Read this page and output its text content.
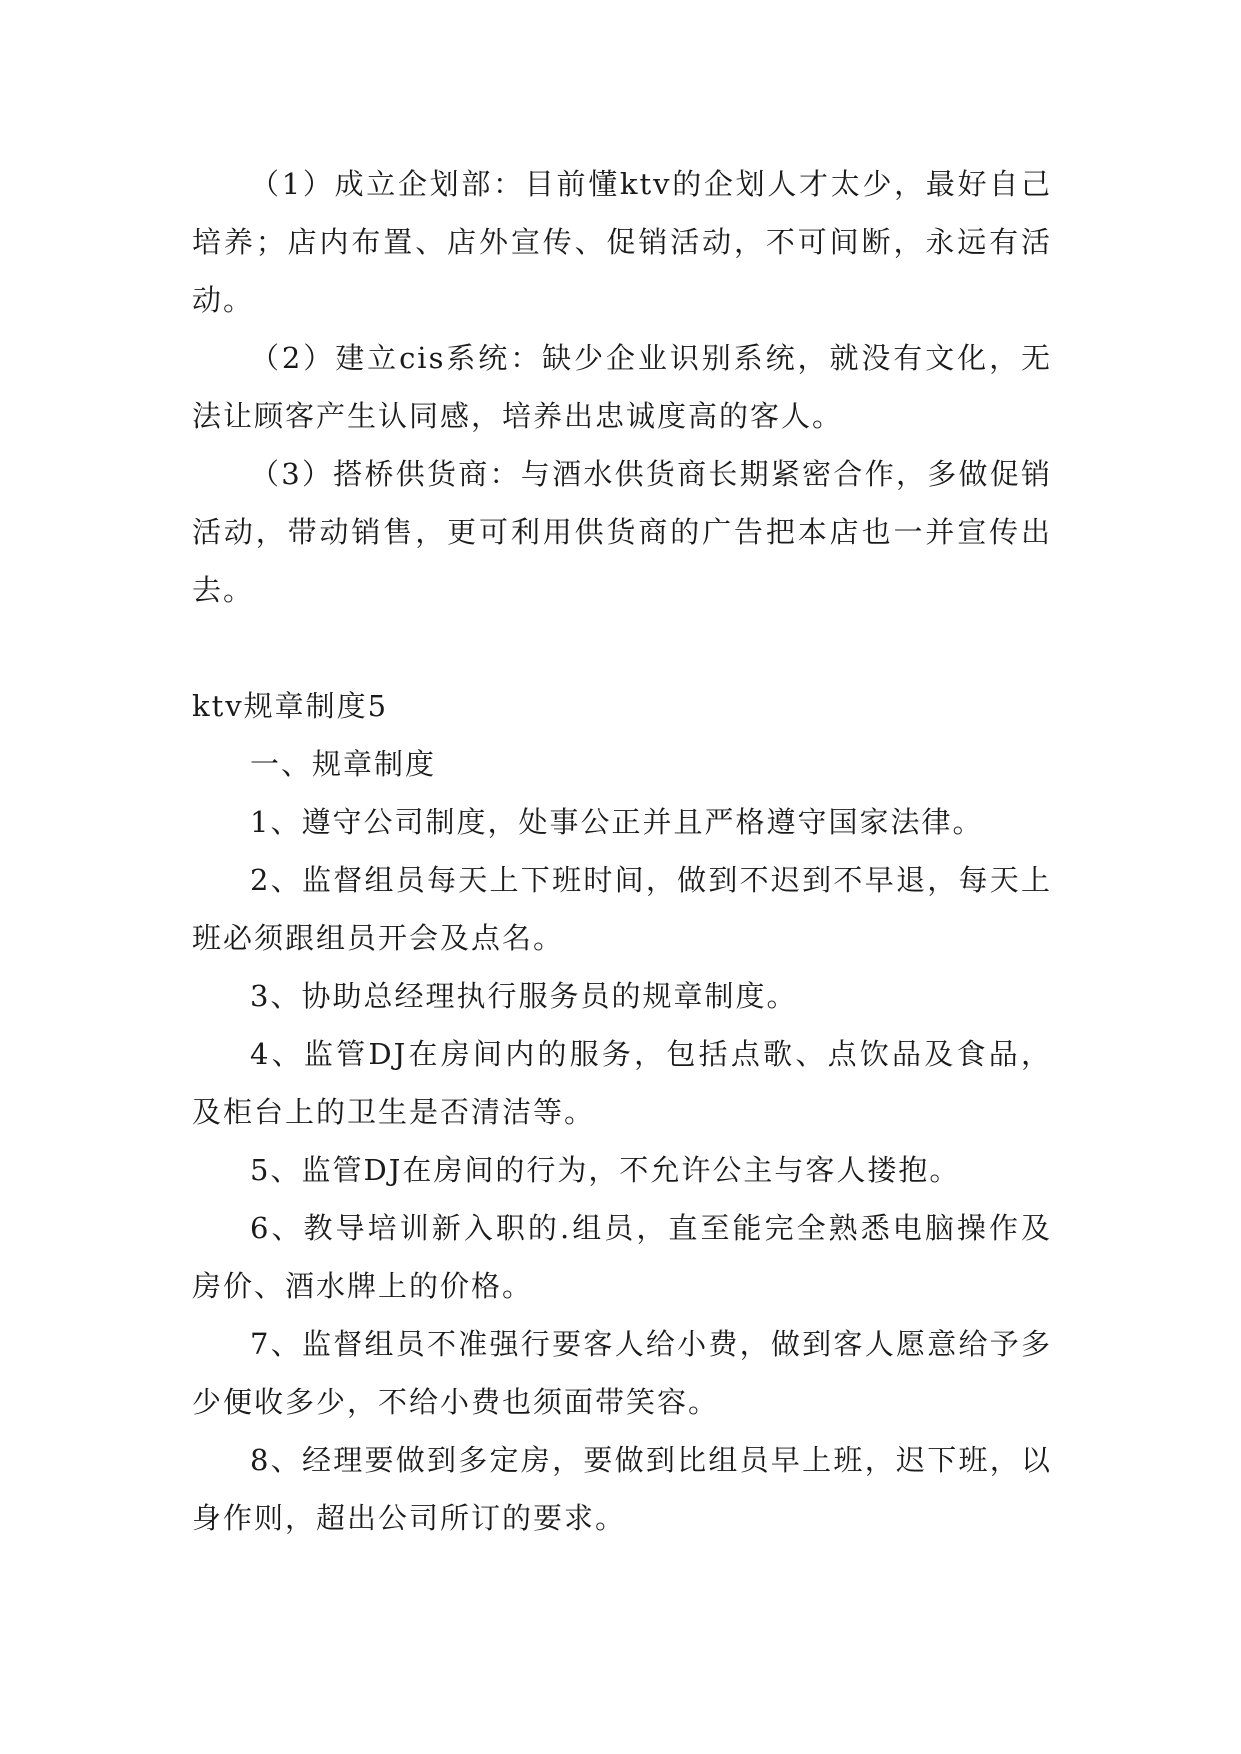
（1）成立企划部：目前懂ktv的企划人才太少，最好自己培养；店内布置、店外宣传、促销活动，不可间断，永远有活动。

（2）建立cis系统：缺少企业识别系统，就没有文化，无法让顾客产生认同感，培养出忠诚度高的客人。

（3）搭桥供货商：与酒水供货商长期紧密合作，多做促销活动，带动销售，更可利用供货商的广告把本店也一并宣传出去。

ktv规章制度5

一、规章制度

1、遵守公司制度，处事公正并且严格遵守国家法律。

2、监督组员每天上下班时间，做到不迟到不早退，每天上班必须跟组员开会及点名。

3、协助总经理执行服务员的规章制度。

4、监管DJ在房间内的服务，包括点歌、点饮品及食品，及柜台上的卫生是否清洁等。

5、监管DJ在房间的行为，不允许公主与客人搂抱。

6、教导培训新入职的.组员，直至能完全熟悉电脑操作及房价、酒水牌上的价格。

7、监督组员不准强行要客人给小费，做到客人愿意给予多少便收多少，不给小费也须面带笑容。

8、经理要做到多定房，要做到比组员早上班，迟下班，以身作则，超出公司所订的要求。
